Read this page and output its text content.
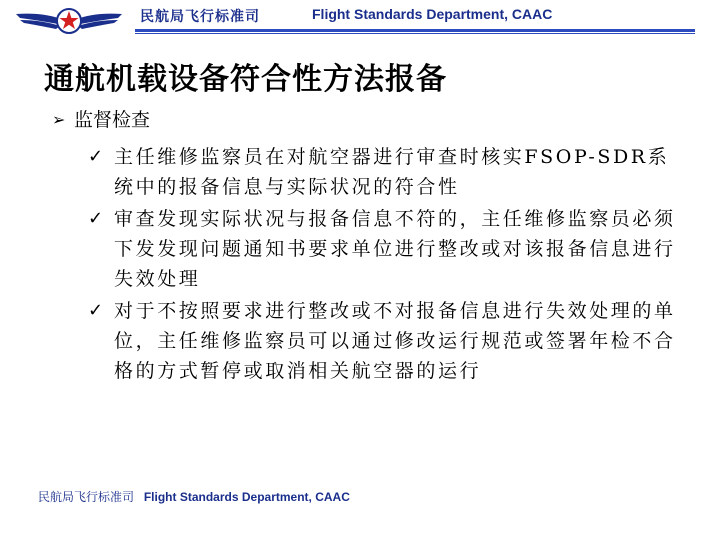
民航局飞行标准司	Flight Standards Department, CAAC
通航机载设备符合性方法报备
➢ 监督检查
✓ 主任维修监察员在对航空器进行审查时核实FSOP-SDR系统中的报备信息与实际状况的符合性
✓ 审查发现实际状况与报备信息不符的，主任维修监察员必须下发发现问题通知书要求单位进行整改或对该报备信息进行失效处理
✓ 对于不按照要求进行整改或不对报备信息进行失效处理的单位，主任维修监察员可以通过修改运行规范或签署年检不合格的方式暂停或取消相关航空器的运行
民航局飞行标准司 Flight Standards Department, CAAC
